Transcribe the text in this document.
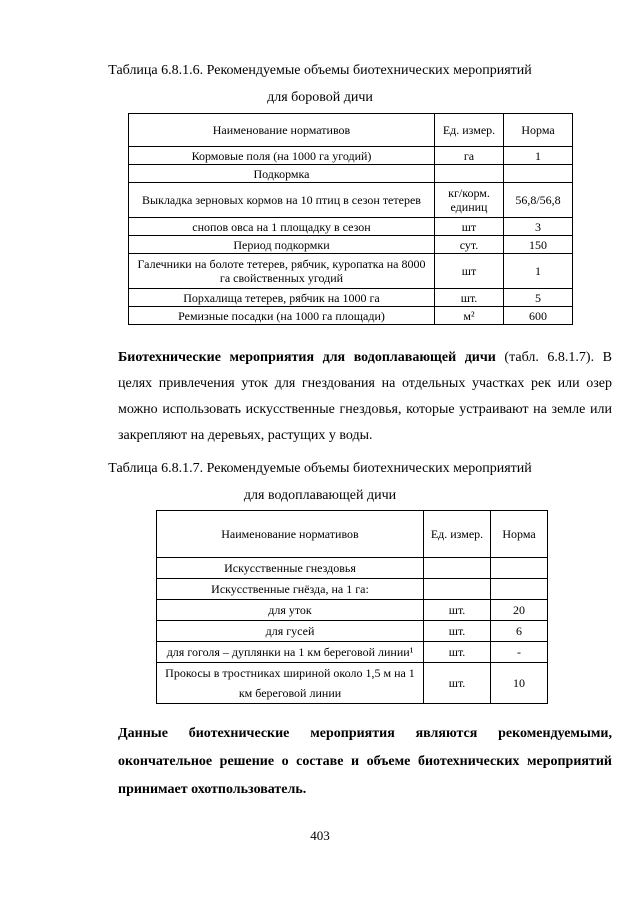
Таблица 6.8.1.6. Рекомендуемые объемы биотехнических мероприятий
для боровой дичи
Наименование нормативов	Ед. измер.	Норма
Кормовые поля (на 1000 га угодий)	га	1
Подкормка		
Выкладка зерновых кормов на 10 птиц в сезон тетерев	кг/корм. единиц	56,8/56,8
снопов овса на 1 площадку в сезон	шт	3
Период подкормки	сут.	150
Галечники на болоте тетерев, рябчик, куропатка на 8000 га свойственных угодий	шт	1
Порхалища тетерев, рябчик на 1000 га	шт.	5
Ремизные посадки (на 1000 га площади)	м²	600
Биотехнические мероприятия для водоплавающей дичи (табл. 6.8.1.7). В целях привлечения уток для гнездования на отдельных участках рек или озер можно использовать искусственные гнездовья, которые устраивают на земле или закрепляют на деревьях, растущих у воды.
Таблица 6.8.1.7. Рекомендуемые объемы биотехнических мероприятий
для водоплавающей дичи
Наименование нормативов	Ед. измер.	Норма
Искусственные гнездовья		
Искусственные гнёзда, на 1 га:		
для уток	шт.	20
для гусей	шт.	6
для гоголя – дуплянки на 1 км береговой линии¹	шт.	-
Прокосы в тростниках шириной около 1,5 м на 1 км береговой линии	шт.	10
Данные биотехнические мероприятия являются рекомендуемыми, окончательное решение о составе и объеме биотехнических мероприятий принимает охотпользователь.
403
